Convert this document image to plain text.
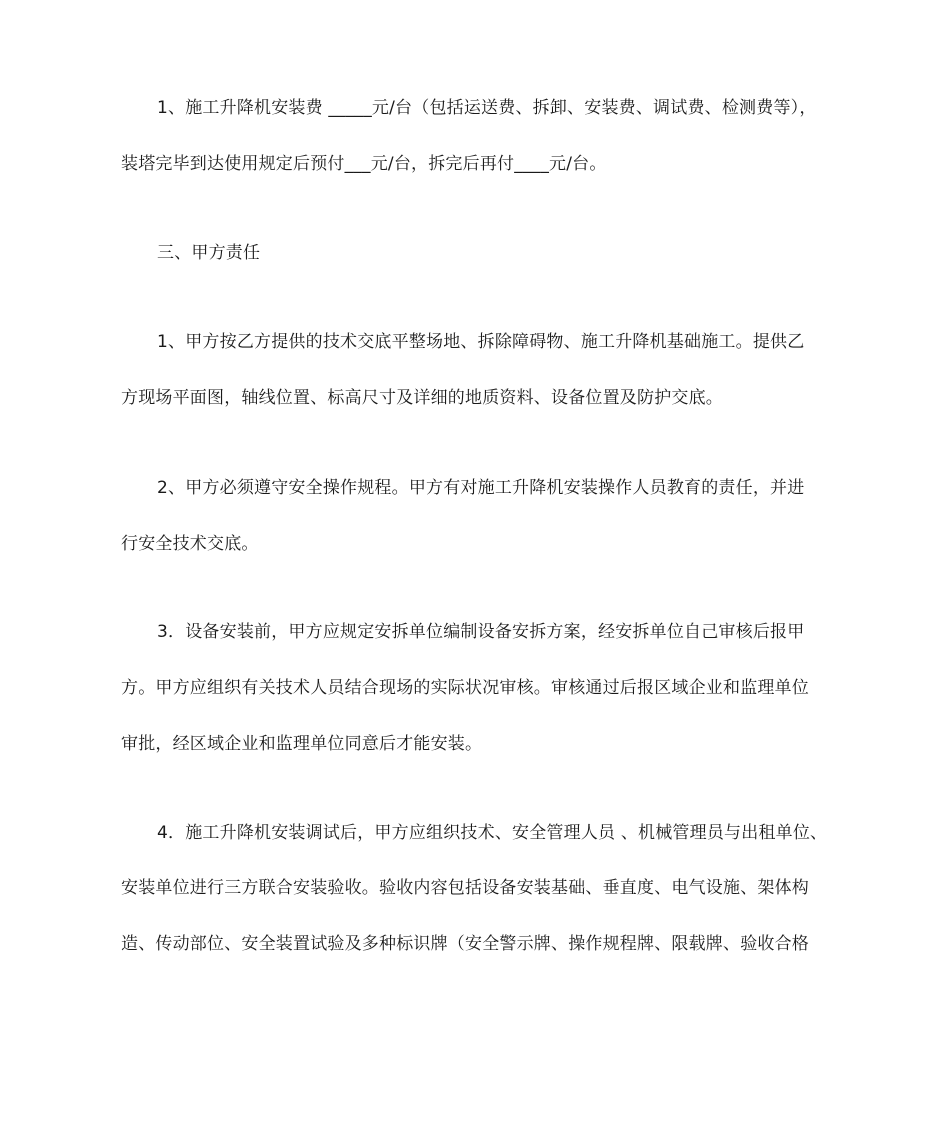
1、施工升降机安装费 _____元/台（包括运送费、拆卸、安装费、调试费、检测费等），
装塔完毕到达使用规定后预付___元/台，拆完后再付____元/台。
三、甲方责任
1、甲方按乙方提供的技术交底平整场地、拆除障碍物、施工升降机基础施工。提供乙
方现场平面图，轴线位置、标高尺寸及详细的地质资料、设备位置及防护交底。
2、甲方必须遵守安全操作规程。甲方有对施工升降机安装操作人员教育的责任，并进
行安全技术交底。
3．设备安装前，甲方应规定安拆单位编制设备安拆方案，经安拆单位自己审核后报甲
方。甲方应组织有关技术人员结合现场的实际状况审核。审核通过后报区域企业和监理单位
审批，经区域企业和监理单位同意后才能安装。
4．施工升降机安装调试后，甲方应组织技术、安全管理人员 、机械管理员与出租单位、
安装单位进行三方联合安装验收。验收内容包括设备安装基础、垂直度、电气设施、架体构
造、传动部位、安全装置试验及多种标识牌（安全警示牌、操作规程牌、限载牌、验收合格
